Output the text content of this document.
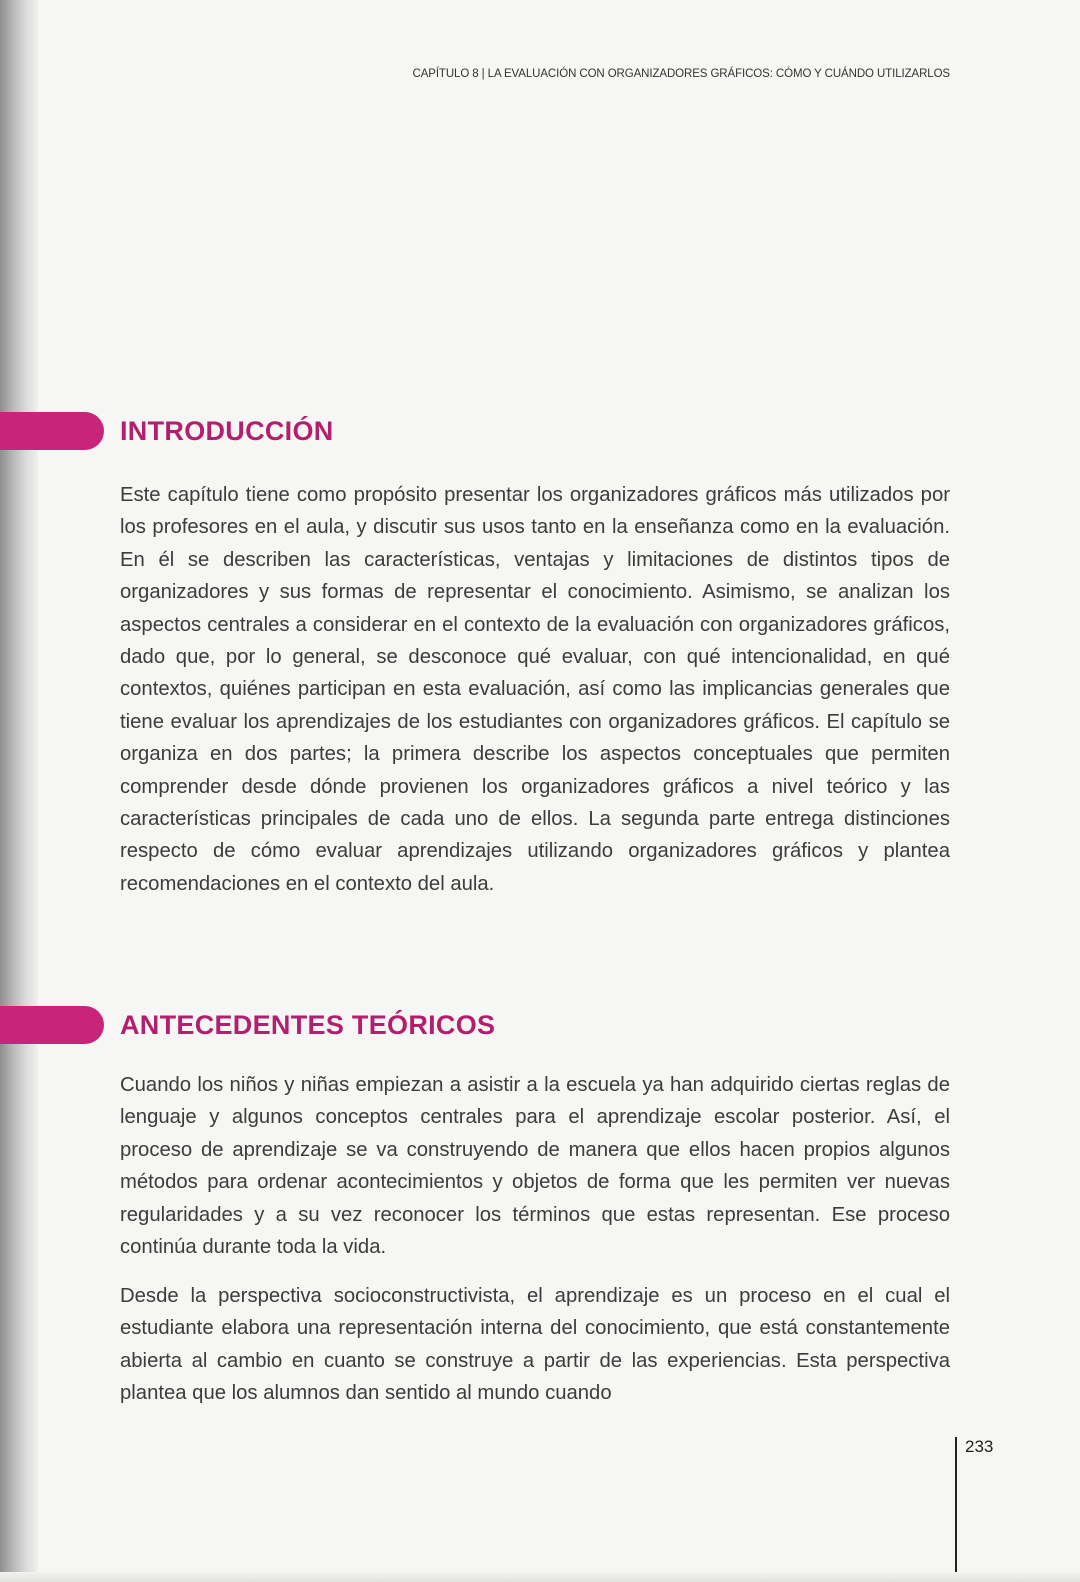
CAPÍTULO 8 | LA EVALUACIÓN CON ORGANIZADORES GRÁFICOS: CÓMO Y CUÁNDO UTILIZARLOS
INTRODUCCIÓN

Este capítulo tiene como propósito presentar los organizadores gráficos más utilizados por los profesores en el aula, y discutir sus usos tanto en la enseñanza como en la evaluación. En él se describen las características, ventajas y limitaciones de distintos tipos de organizadores y sus formas de representar el conocimiento. Asimismo, se analizan los aspectos centrales a considerar en el contexto de la evaluación con organizadores gráficos, dado que, por lo general, se desconoce qué evaluar, con qué intencionalidad, en qué contextos, quiénes participan en esta evaluación, así como las implicancias generales que tiene evaluar los aprendizajes de los estudiantes con organizadores gráficos. El capítulo se organiza en dos partes; la primera describe los aspectos conceptuales que permiten comprender desde dónde provienen los organizadores gráficos a nivel teórico y las características principales de cada uno de ellos. La segunda parte entrega distinciones respecto de cómo evaluar aprendizajes utilizando organizadores gráficos y plantea recomendaciones en el contexto del aula.

ANTECEDENTES TEÓRICOS

Cuando los niños y niñas empiezan a asistir a la escuela ya han adquirido ciertas reglas de lenguaje y algunos conceptos centrales para el aprendizaje escolar posterior. Así, el proceso de aprendizaje se va construyendo de manera que ellos hacen propios algunos métodos para ordenar acontecimientos y objetos de forma que les permiten ver nuevas regularidades y a su vez reconocer los términos que estas representan. Ese proceso continúa durante toda la vida.

Desde la perspectiva socioconstructivista, el aprendizaje es un proceso en el cual el estudiante elabora una representación interna del conocimiento, que está constantemente abierta al cambio en cuanto se construye a partir de las experiencias. Esta perspectiva plantea que los alumnos dan sentido al mundo cuando

233
